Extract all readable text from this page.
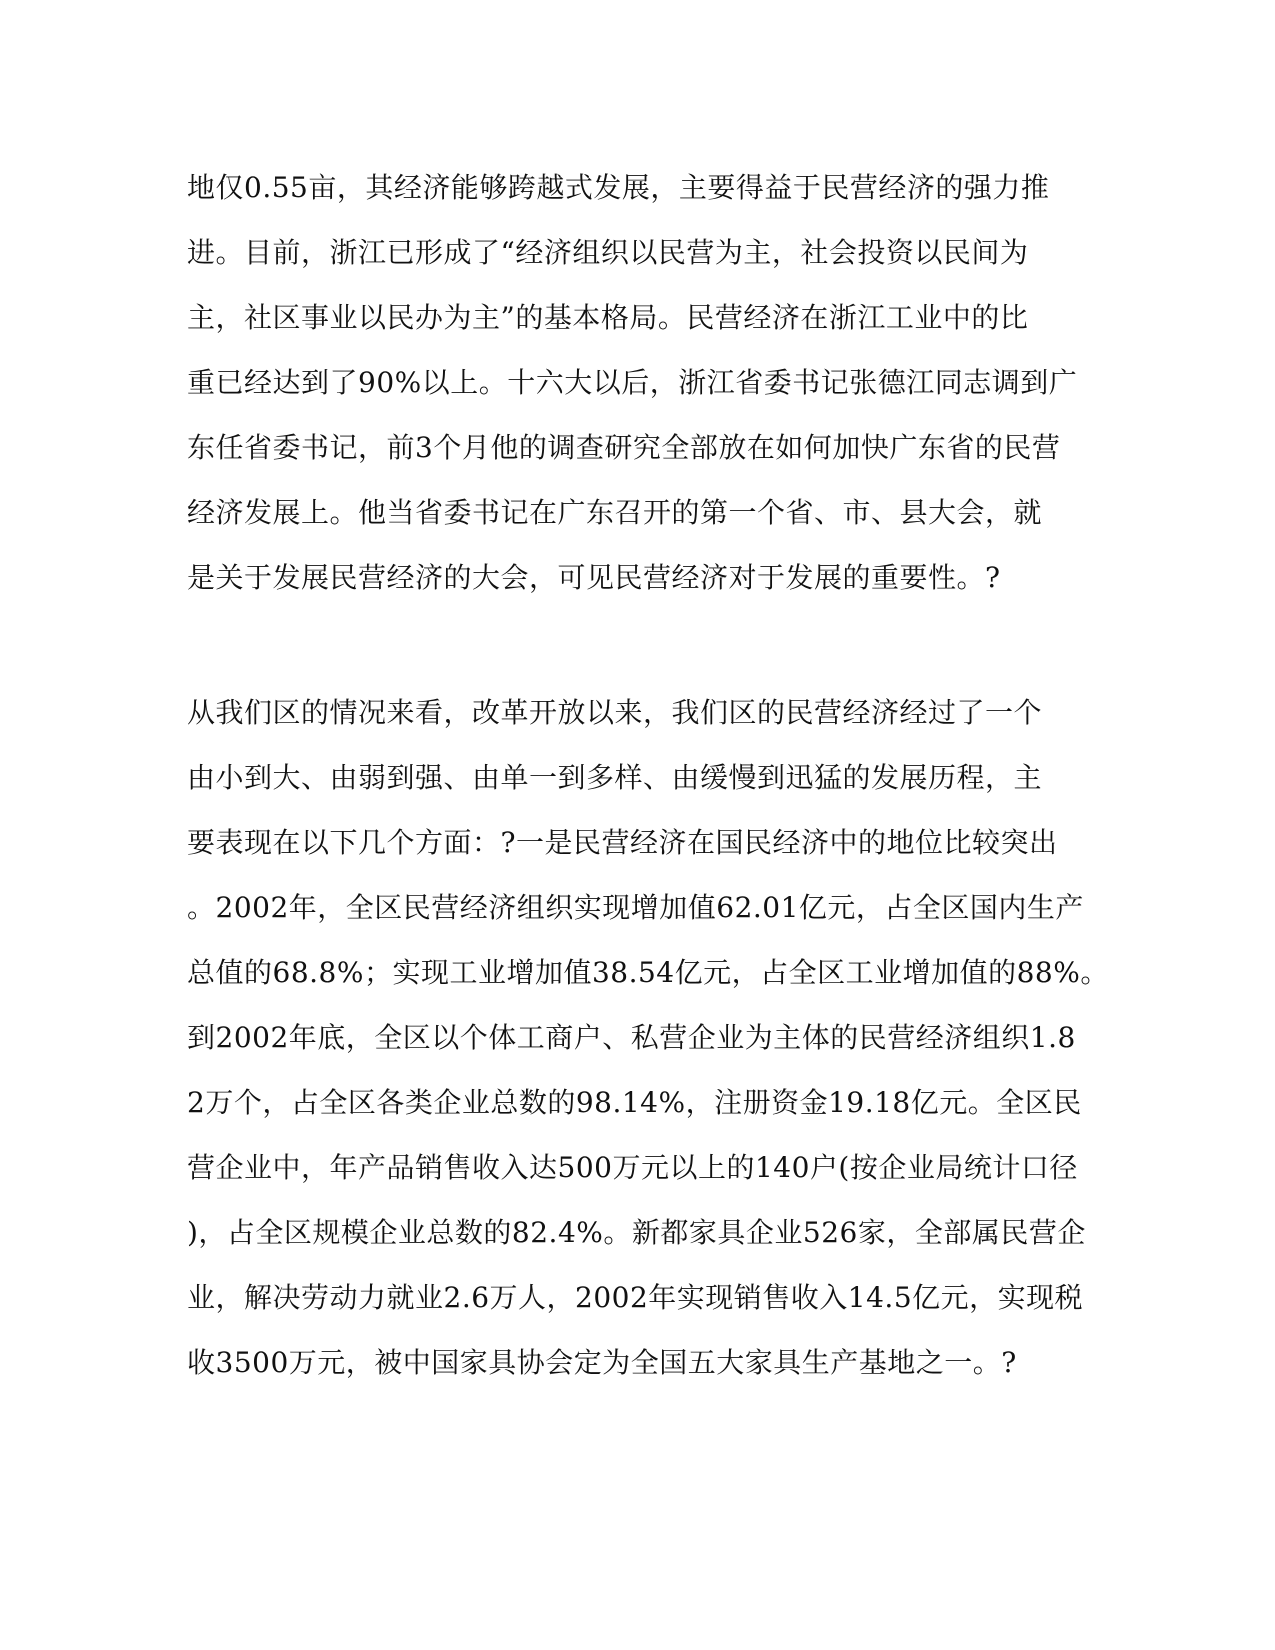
地仅0.55亩，其经济能够跨越式发展，主要得益于民营经济的强力推
进。目前，浙江已形成了“经济组织以民营为主，社会投资以民间为
主，社区事业以民办为主”的基本格局。民营经济在浙江工业中的比
重已经达到了90%以上。十六大以后，浙江省委书记张德江同志调到广
东任省委书记，前3个月他的调查研究全部放在如何加快广东省的民营
经济发展上。他当省委书记在广东召开的第一个省、市、县大会，就
是关于发展民营经济的大会，可见民营经济对于发展的重要性。?
从我们区的情况来看，改革开放以来，我们区的民营经济经过了一个
由小到大、由弱到强、由单一到多样、由缓慢到迅猛的发展历程，主
要表现在以下几个方面：?一是民营经济在国民经济中的地位比较突出
。2002年，全区民营经济组织实现增加值62.01亿元，占全区国内生产
总值的68.8%；实现工业增加值38.54亿元，占全区工业增加值的88%。
到2002年底，全区以个体工商户、私营企业为主体的民营经济组织1.8
2万个，占全区各类企业总数的98.14%，注册资金19.18亿元。全区民
营企业中，年产品销售收入达500万元以上的140户(按企业局统计口径
)，占全区规模企业总数的82.4%。新都家具企业526家，全部属民营企
业，解决劳动力就业2.6万人，2002年实现销售收入14.5亿元，实现税
收3500万元，被中国家具协会定为全国五大家具生产基地之一。?
